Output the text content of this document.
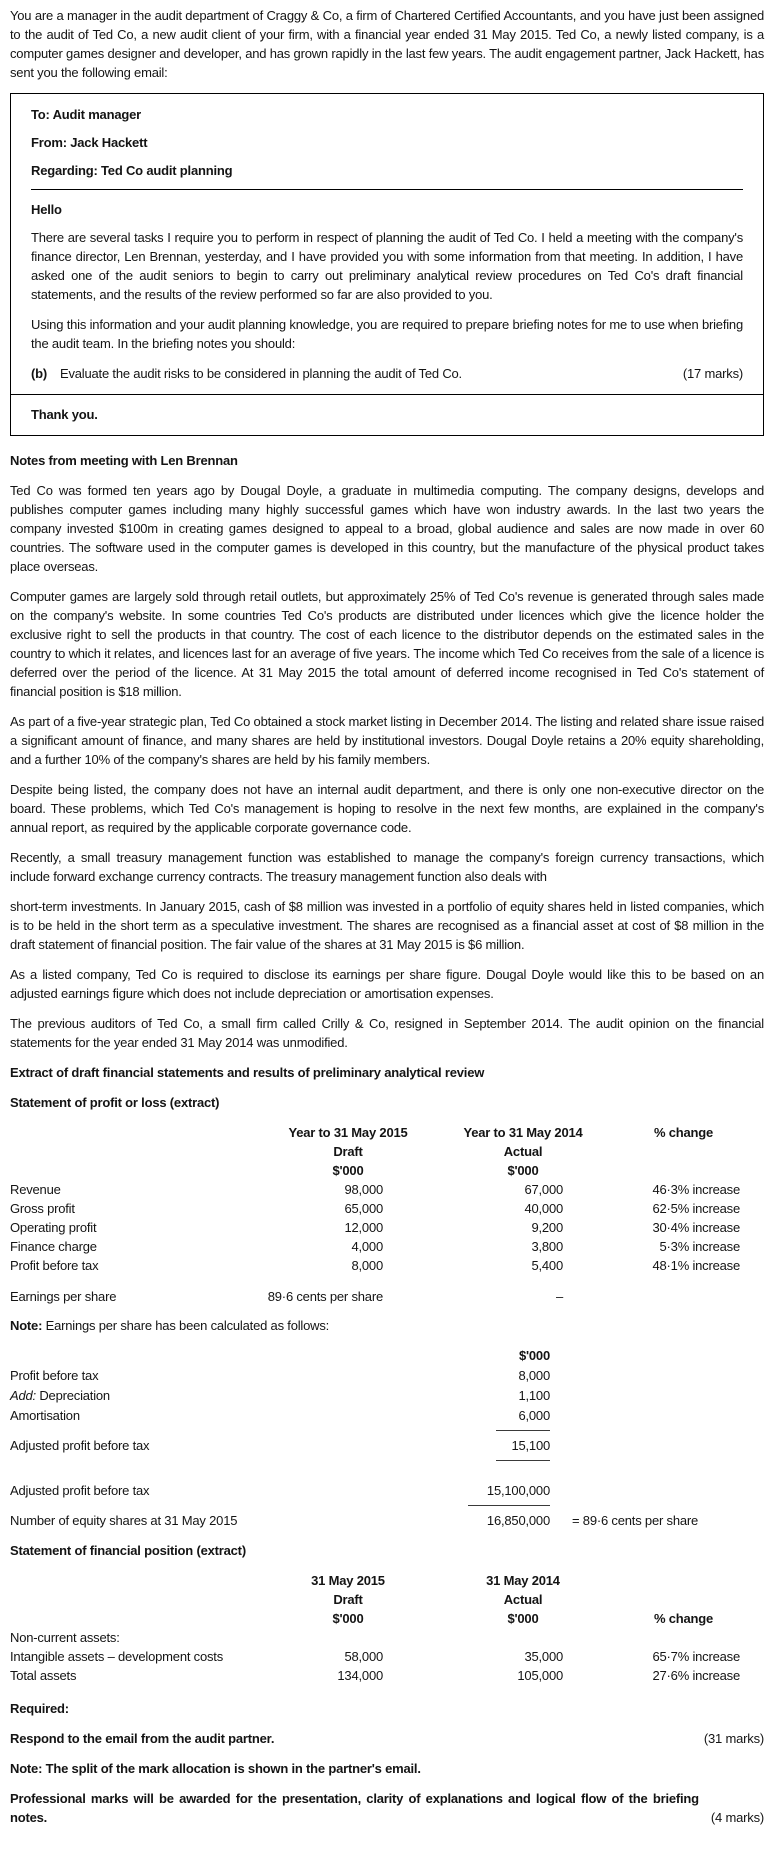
You are a manager in the audit department of Craggy & Co, a firm of Chartered Certified Accountants, and you have just been assigned to the audit of Ted Co, a new audit client of your firm, with a financial year ended 31 May 2015. Ted Co, a newly listed company, is a computer games designer and developer, and has grown rapidly in the last few years. The audit engagement partner, Jack Hackett, has sent you the following email:

To: Audit manager

From: Jack Hackett

Regarding: Ted Co audit planning

Hello

There are several tasks I require you to perform in respect of planning the audit of Ted Co. I held a meeting with the company's finance director, Len Brennan, yesterday, and I have provided you with some information from that meeting. In addition, I have asked one of the audit seniors to begin to carry out preliminary analytical review procedures on Ted Co's draft financial statements, and the results of the review performed so far are also provided to you.

Using this information and your audit planning knowledge, you are required to prepare briefing notes for me to use when briefing the audit team. In the briefing notes you should:

(b) Evaluate the audit risks to be considered in planning the audit of Ted Co.	(17 marks)

Thank you.

Notes from meeting with Len Brennan

Ted Co was formed ten years ago by Dougal Doyle, a graduate in multimedia computing. The company designs, develops and publishes computer games including many highly successful games which have won industry awards. In the last two years the company invested $100m in creating games designed to appeal to a broad, global audience and sales are now made in over 60 countries. The software used in the computer games is developed in this country, but the manufacture of the physical product takes place overseas.

Computer games are largely sold through retail outlets, but approximately 25% of Ted Co's revenue is generated through sales made on the company's website. In some countries Ted Co's products are distributed under licences which give the licence holder the exclusive right to sell the products in that country. The cost of each licence to the distributor depends on the estimated sales in the country to which it relates, and licences last for an average of five years. The income which Ted Co receives from the sale of a licence is deferred over the period of the licence. At 31 May 2015 the total amount of deferred income recognised in Ted Co's statement of financial position is $18 million.

As part of a five-year strategic plan, Ted Co obtained a stock market listing in December 2014. The listing and related share issue raised a significant amount of finance, and many shares are held by institutional investors. Dougal Doyle retains a 20% equity shareholding, and a further 10% of the company's shares are held by his family members.

Despite being listed, the company does not have an internal audit department, and there is only one non-executive director on the board. These problems, which Ted Co's management is hoping to resolve in the next few months, are explained in the company's annual report, as required by the applicable corporate governance code.

Recently, a small treasury management function was established to manage the company's foreign currency transactions, which include forward exchange currency contracts. The treasury management function also deals with

short-term investments. In January 2015, cash of $8 million was invested in a portfolio of equity shares held in listed companies, which is to be held in the short term as a speculative investment. The shares are recognised as a financial asset at cost of $8 million in the draft statement of financial position. The fair value of the shares at 31 May 2015 is $6 million.

As a listed company, Ted Co is required to disclose its earnings per share figure. Dougal Doyle would like this to be based on an adjusted earnings figure which does not include depreciation or amortisation expenses.

The previous auditors of Ted Co, a small firm called Crilly & Co, resigned in September 2014. The audit opinion on the financial statements for the year ended 31 May 2014 was unmodified.

Extract of draft financial statements and results of preliminary analytical review

Statement of profit or loss (extract)

Year to 31 May 2015	Year to 31 May 2014	% change
Draft	Actual
$'000	$'000
Revenue	98,000	67,000	46·3% increase
Gross profit	65,000	40,000	62·5% increase
Operating profit	12,000	9,200	30·4% increase
Finance charge	4,000	3,800	5·3% increase
Profit before tax	8,000	5,400	48·1% increase
Earnings per share	89·6 cents per share	–

Note: Earnings per share has been calculated as follows:

$'000
Profit before tax	8,000
Add: Depreciation	1,100
Amortisation	6,000
Adjusted profit before tax	15,100
Adjusted profit before tax	15,100,000
Number of equity shares at 31 May 2015	16,850,000	= 89·6 cents per share

Statement of financial position (extract)

31 May 2015	31 May 2014
Draft	Actual
$'000	$'000	% change
Non-current assets:
Intangible assets – development costs	58,000	35,000	65·7% increase
Total assets	134,000	105,000	27·6% increase

Required:

Respond to the email from the audit partner.	(31 marks)

Note: The split of the mark allocation is shown in the partner's email.

Professional marks will be awarded for the presentation, clarity of explanations and logical flow of the briefing notes.	(4 marks)
